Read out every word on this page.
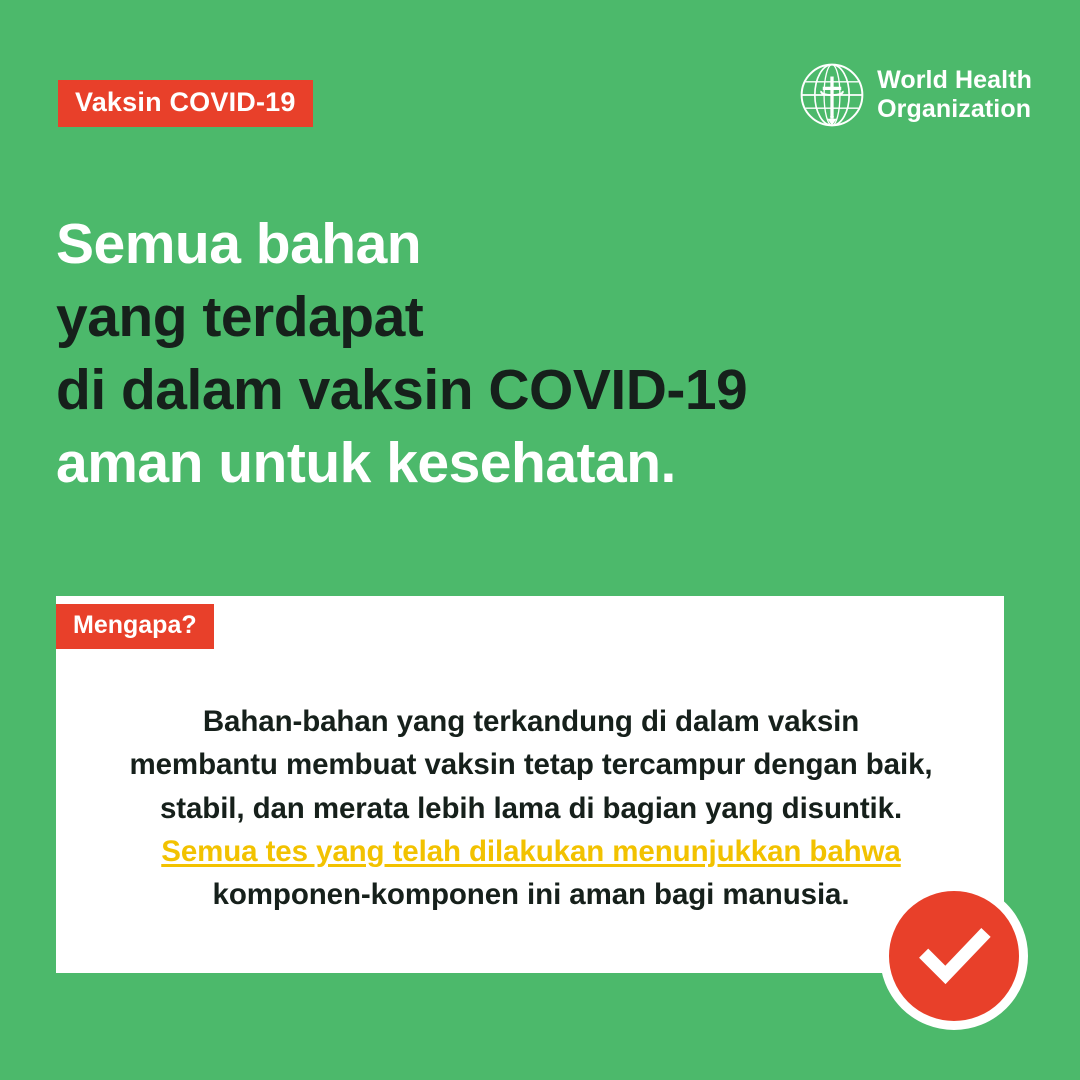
Vaksin COVID-19
World Health
Organization
Semua bahan
yang terdapat
di dalam vaksin COVID-19
aman untuk kesehatan.
Mengapa?
Bahan-bahan yang terkandung di dalam vaksin
membantu membuat vaksin tetap tercampur dengan baik,
stabil, dan merata lebih lama di bagian yang disuntik.
Semua tes yang telah dilakukan menunjukkan bahwa
komponen-komponen ini aman bagi manusia.
